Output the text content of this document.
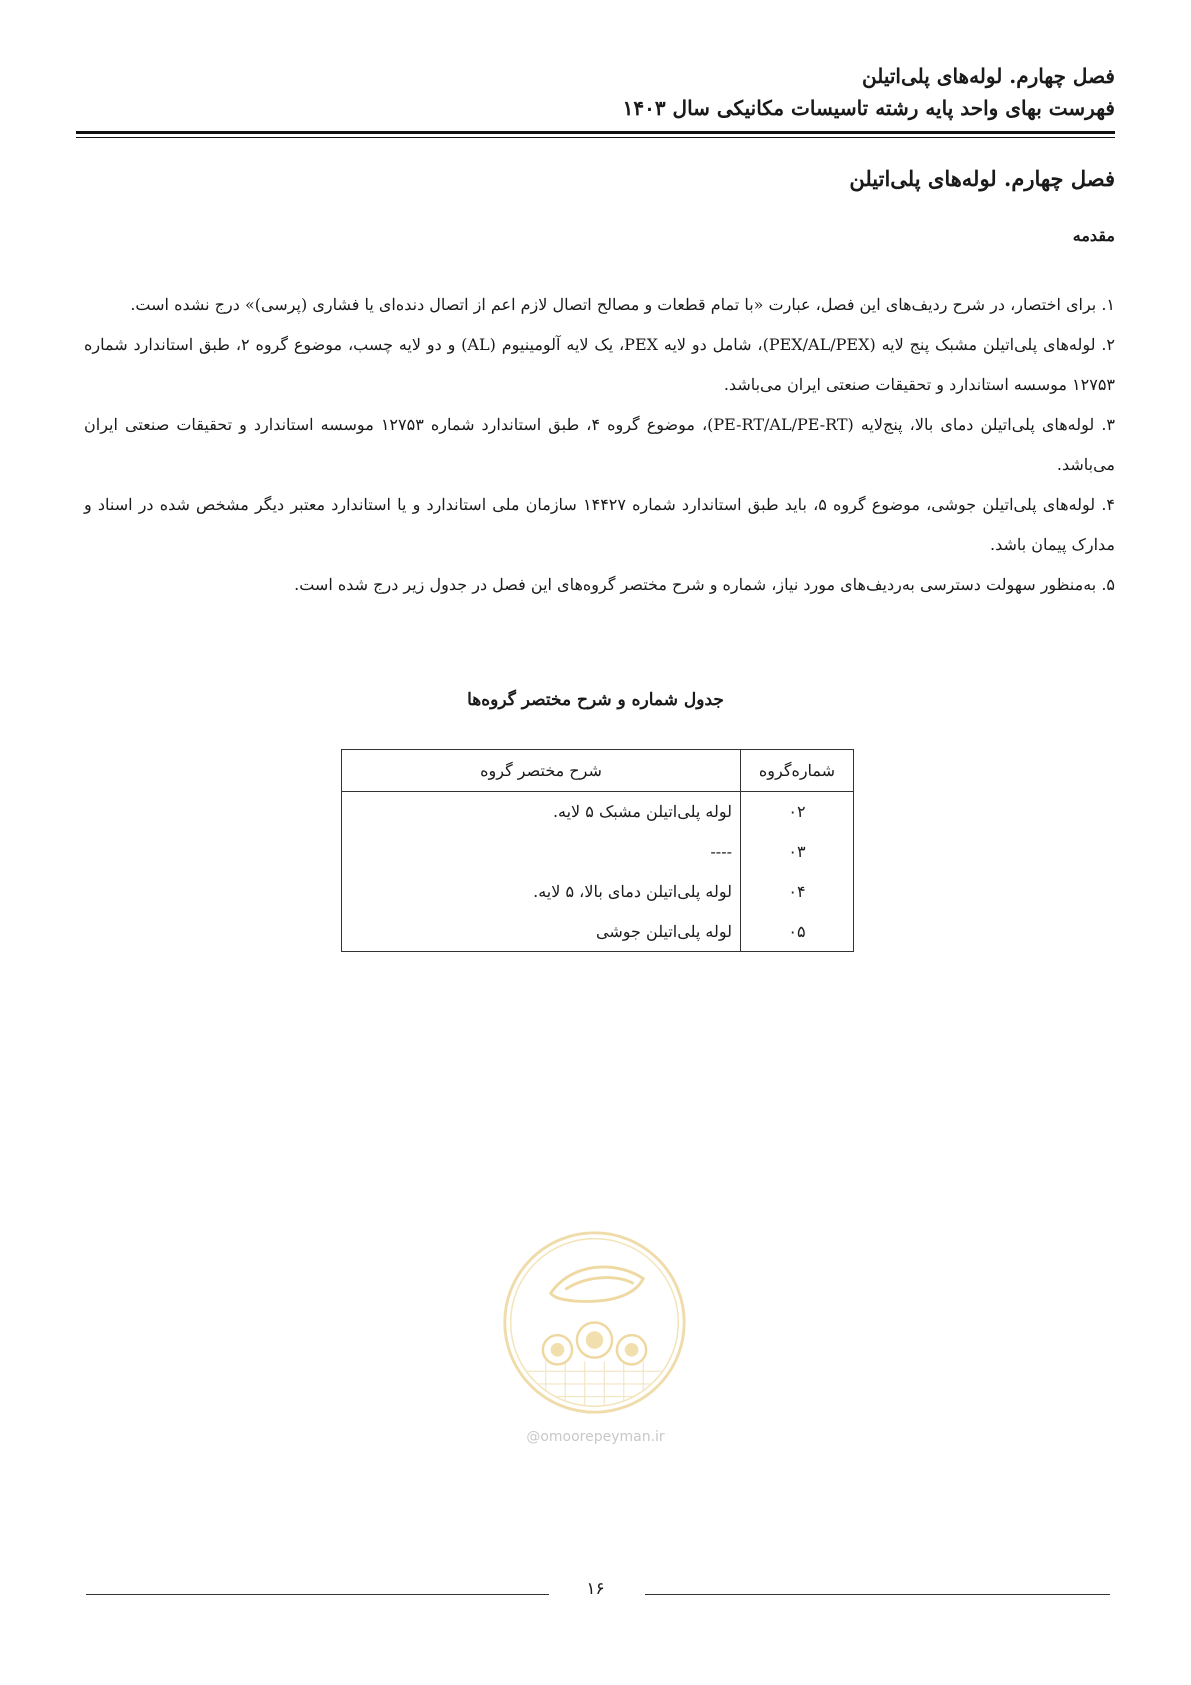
فصل چهارم. لوله‌های پلی‌اتیلن
فهرست بهای واحد پایه رشته تاسیسات مکانیکی سال ۱۴۰۳
فصل چهارم. لوله‌های پلی‌اتیلن
مقدمه

۱. برای اختصار، در شرح ردیف‌های این فصل، عبارت «با تمام قطعات و مصالح اتصال لازم اعم از اتصال دنده‌ای یا فشاری (پرسی)» درج نشده است.

۲. لوله‌های پلی‌اتیلن مشبک پنج لایه (PEX/AL/PEX)، شامل دو لایه PEX، یک لایه آلومینیوم (AL) و دو لایه چسب، موضوع گروه ۲، طبق استاندارد شماره ۱۲۷۵۳ موسسه استاندارد و تحقیقات صنعتی ایران می‌باشد.

۳. لوله‌های پلی‌اتیلن دمای بالا، پنج‌لایه (PE-RT/AL/PE-RT)، موضوع گروه ۴، طبق استاندارد شماره ۱۲۷۵۳ موسسه استاندارد و تحقیقات صنعتی ایران می‌باشد.

۴. لوله‌های پلی‌اتیلن جوشی، موضوع گروه ۵، باید طبق استاندارد شماره ۱۴۴۲۷ سازمان ملی استاندارد و یا استاندارد معتبر دیگر مشخص شده در اسناد و مدارک پیمان باشد.

۵. به‌منظور سهولت دسترسی به‌ردیف‌های مورد نیاز، شماره و شرح مختصر گروه‌های این فصل در جدول زیر درج شده است.

جدول شماره و شرح مختصر گروه‌ها
شماره‌گروه	شرح مختصر گروه
۰۲	لوله پلی‌اتیلن مشبک ۵ لایه.
۰۳	----
۰۴	لوله پلی‌اتیلن دمای بالا، ۵ لایه.
۰۵	لوله پلی‌اتیلن جوشی
@omoorepeyman.ir
۱۶
